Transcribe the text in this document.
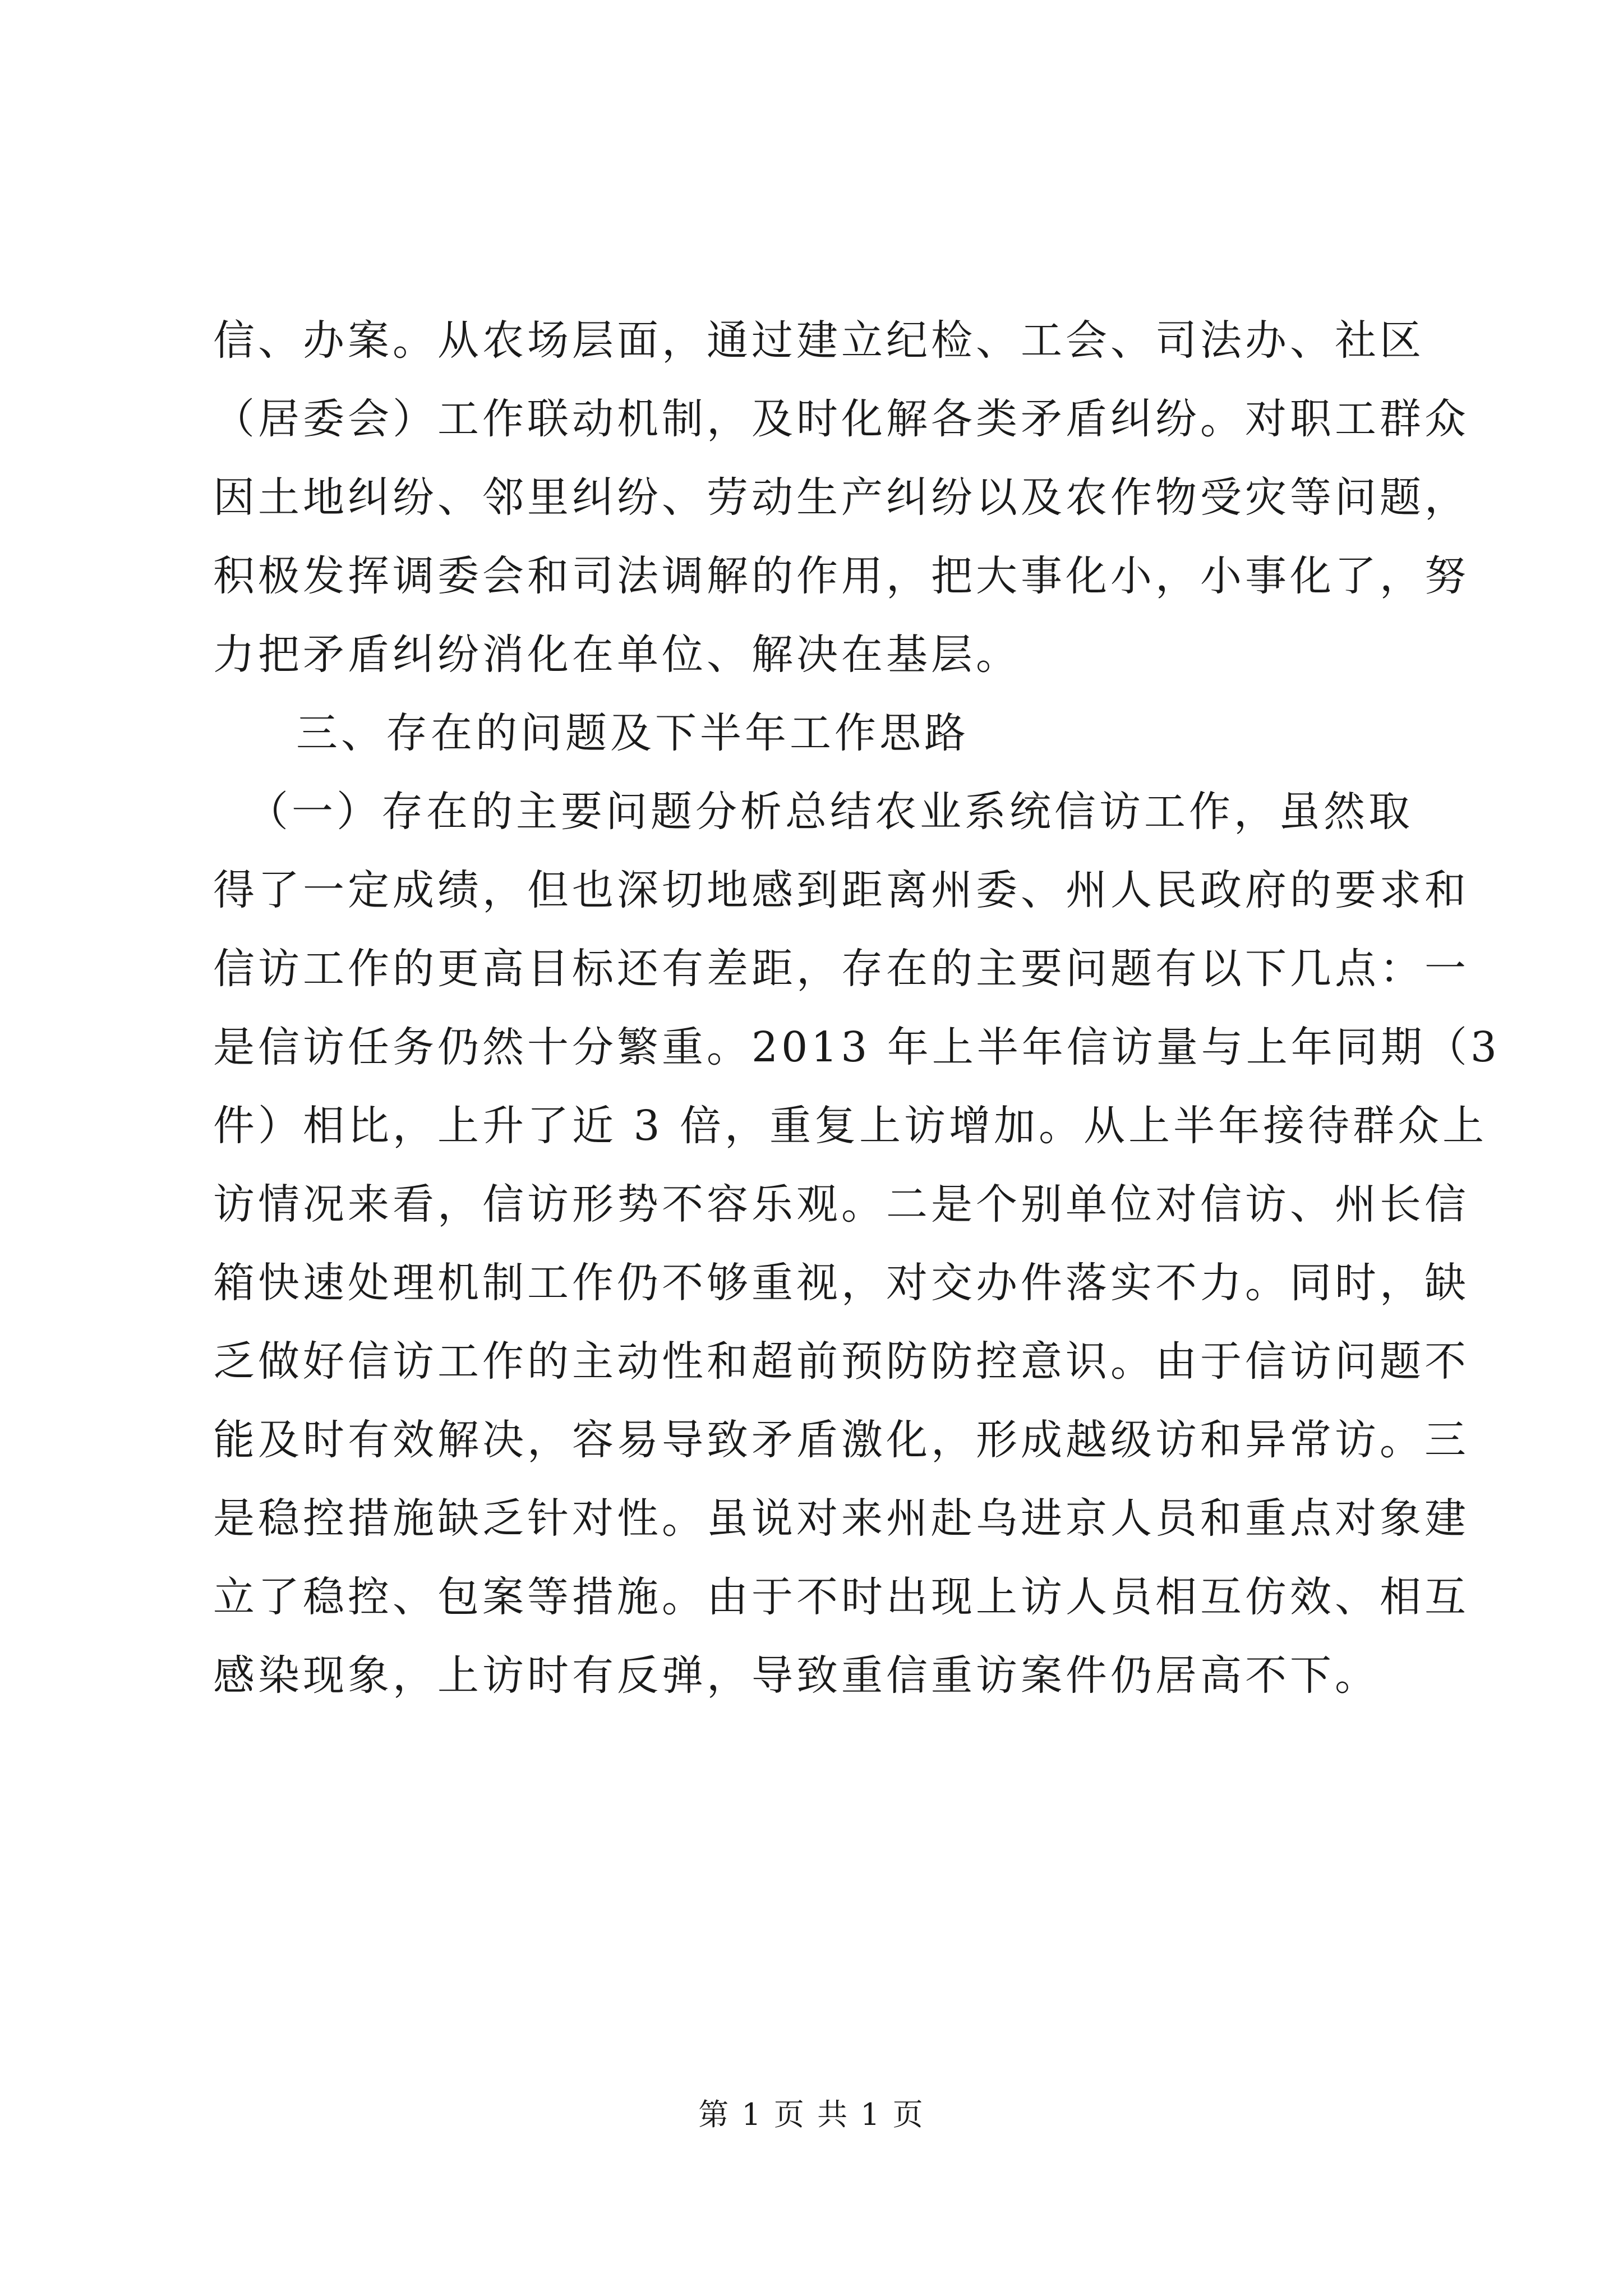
信、办案。从农场层面，通过建立纪检、工会、司法办、社区
（居委会）工作联动机制，及时化解各类矛盾纠纷。对职工群众
因土地纠纷、邻里纠纷、劳动生产纠纷以及农作物受灾等问题，
积极发挥调委会和司法调解的作用，把大事化小，小事化了，努
力把矛盾纠纷消化在单位、解决在基层。
三、存在的问题及下半年工作思路
（一）存在的主要问题分析总结农业系统信访工作，虽然取
得了一定成绩，但也深切地感到距离州委、州人民政府的要求和
信访工作的更高目标还有差距，存在的主要问题有以下几点：一
是信访任务仍然十分繁重。2013 年上半年信访量与上年同期（3
件）相比，上升了近 3 倍，重复上访增加。从上半年接待群众上
访情况来看，信访形势不容乐观。二是个别单位对信访、州长信
箱快速处理机制工作仍不够重视，对交办件落实不力。同时，缺
乏做好信访工作的主动性和超前预防防控意识。由于信访问题不
能及时有效解决，容易导致矛盾激化，形成越级访和异常访。三
是稳控措施缺乏针对性。虽说对来州赴乌进京人员和重点对象建
立了稳控、包案等措施。由于不时出现上访人员相互仿效、相互
感染现象，上访时有反弹，导致重信重访案件仍居高不下。
第 1 页 共 1 页
